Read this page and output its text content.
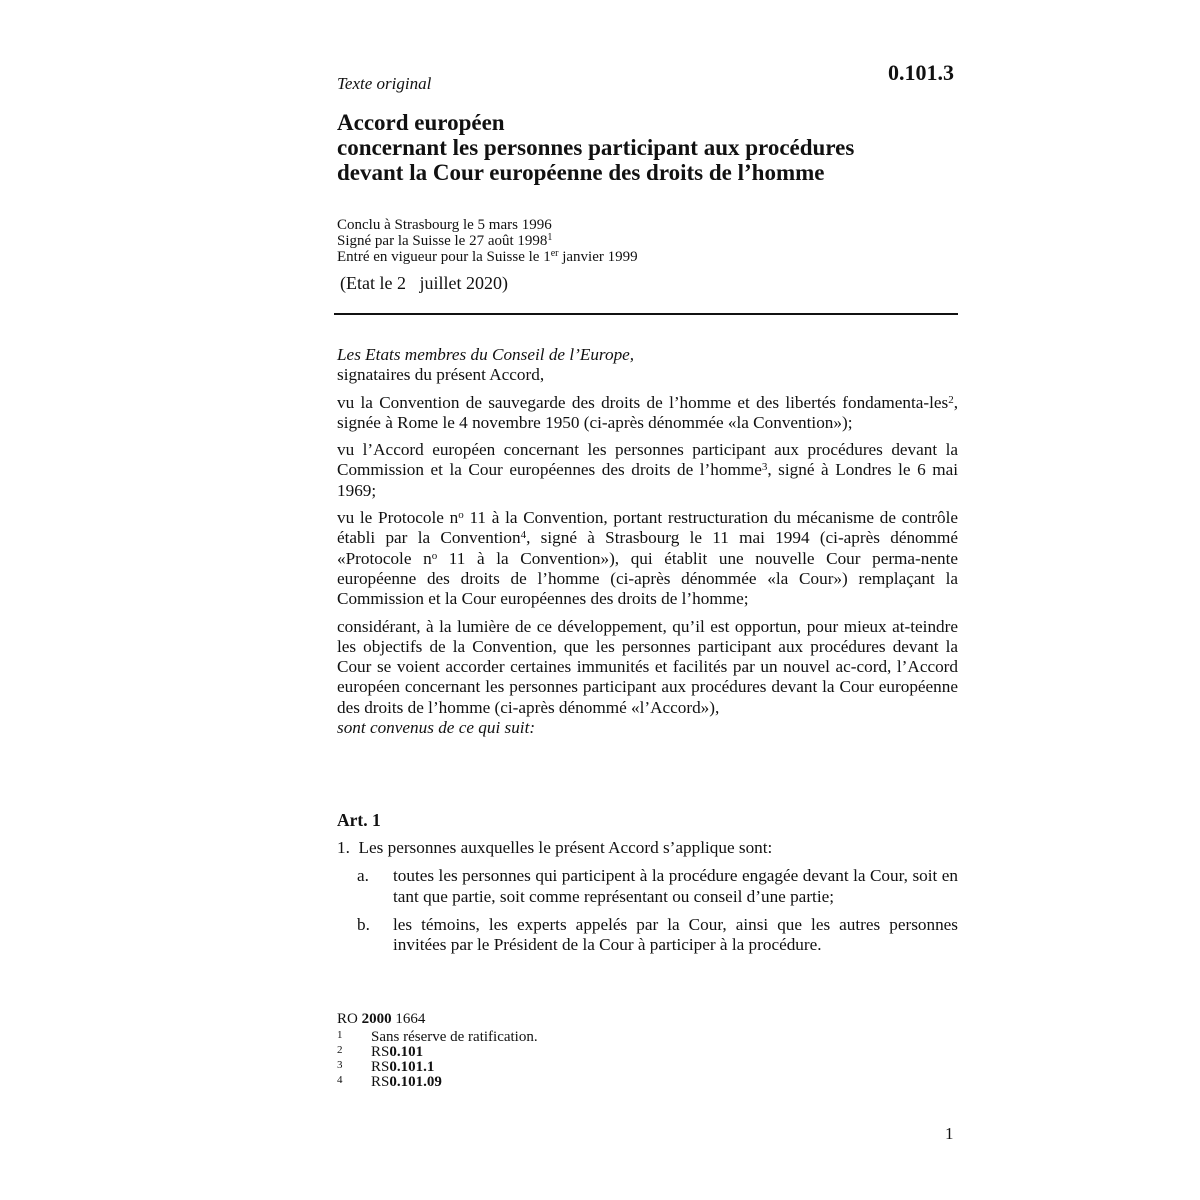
Texte original	0.101.3
Accord européen
concernant les personnes participant aux procédures
devant la Cour européenne des droits de l’homme
Conclu à Strasbourg le 5 mars 1996
Signé par la Suisse le 27 août 1998$^1$
Entré en vigueur pour la Suisse le 1er janvier 1999
(Etat le 2   juillet 2020)

Les Etats membres du Conseil de l’Europe,
signataires du présent Accord,

vu la Convention de sauvegarde des droits de l’homme et des libertés fondamenta-les$^2$, signée à Rome le 4 novembre 1950 (ci-après dénommée «la Convention»);

vu l’Accord européen concernant les personnes participant aux procédures devant la Commission et la Cour européennes des droits de l’homme$^3$, signé à Londres le 6 mai 1969;

vu le Protocole $n^o$ 11 à la Convention, portant restructuration du mécanisme de contrôle établi par la Convention$^4$, signé à Strasbourg le 11 mai 1994 (ci-après dénommé «Protocole $n^o$ 11 à la Convention»), qui établit une nouvelle Cour perma-nente européenne des droits de l’homme (ci-après dénommée «la Cour») remplaçant la Commission et la Cour européennes des droits de l’homme;

considérant, à la lumière de ce développement, qu’il est opportun, pour mieux at-teindre les objectifs de la Convention, que les personnes participant aux procédures devant la Cour se voient accorder certaines immunités et facilités par un nouvel ac-cord, l’Accord européen concernant les personnes participant aux procédures devant la Cour européenne des droits de l’homme (ci-après dénommé «l’Accord»),

sont convenus de ce qui suit:

Art. 1
1. Les personnes auxquelles le présent Accord s’applique sont:
a.	toutes les personnes qui participent à la procédure engagée devant la Cour, soit en tant que partie, soit comme représentant ou conseil d’une partie;
b.	les témoins, les experts appelés par la Cour, ainsi que les autres personnes invitées par le Président de la Cour à participer à la procédure.
RO 2000 1664
1	Sans réserve de ratification.
2	RS 0.101
3	RS 0.101.1
4	RS 0.101.09
1
